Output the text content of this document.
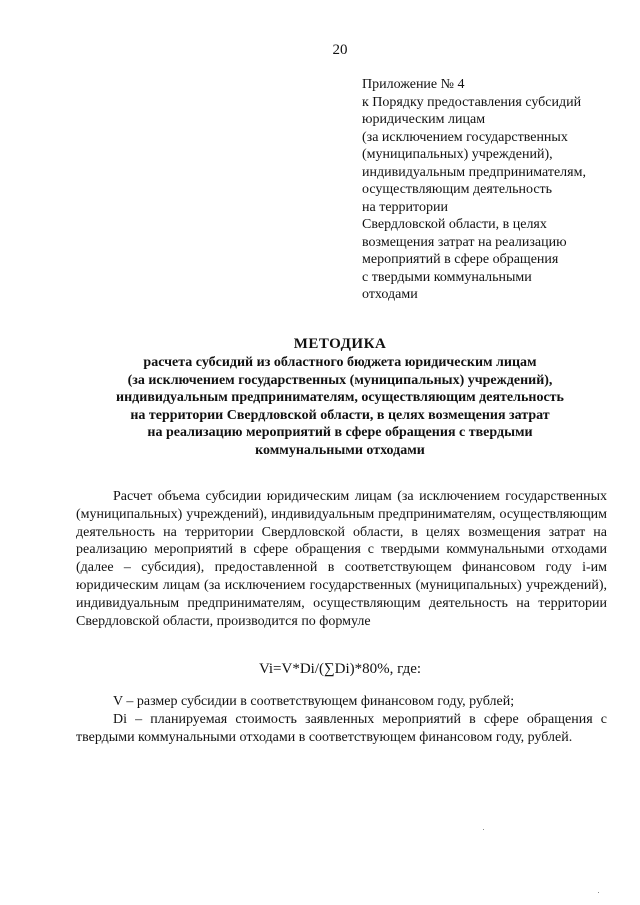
20
Приложение № 4
к Порядку предоставления субсидий
юридическим лицам
(за исключением государственных
(муниципальных) учреждений),
индивидуальным предпринимателям,
осуществляющим деятельность
на территории
Свердловской области, в целях
возмещения затрат на реализацию
мероприятий в сфере обращения
с твердыми коммунальными
отходами
МЕТОДИКА
расчета субсидий из областного бюджета юридическим лицам
(за исключением государственных (муниципальных) учреждений),
индивидуальным предпринимателям, осуществляющим деятельность
на территории Свердловской области, в целях возмещения затрат
на реализацию мероприятий в сфере обращения с твердыми
коммунальными отходами

Расчет объема субсидии юридическим лицам (за исключением государственных (муниципальных) учреждений), индивидуальным предпринимателям, осуществляющим деятельность на территории Свердловской области, в целях возмещения затрат на реализацию мероприятий в сфере обращения с твердыми коммунальными отходами (далее – субсидия), предоставленной в соответствующем финансовом году i-им юридическим лицам (за исключением государственных (муниципальных) учреждений), индивидуальным предпринимателям, осуществляющим деятельность на территории Свердловской области, производится по формуле

Vi=V*Di/(∑Di)*80%, где:

V – размер субсидии в соответствующем финансовом году, рублей;

Di – планируемая стоимость заявленных мероприятий в сфере обращения с твердыми коммунальными отходами в соответствующем финансовом году, рублей.
